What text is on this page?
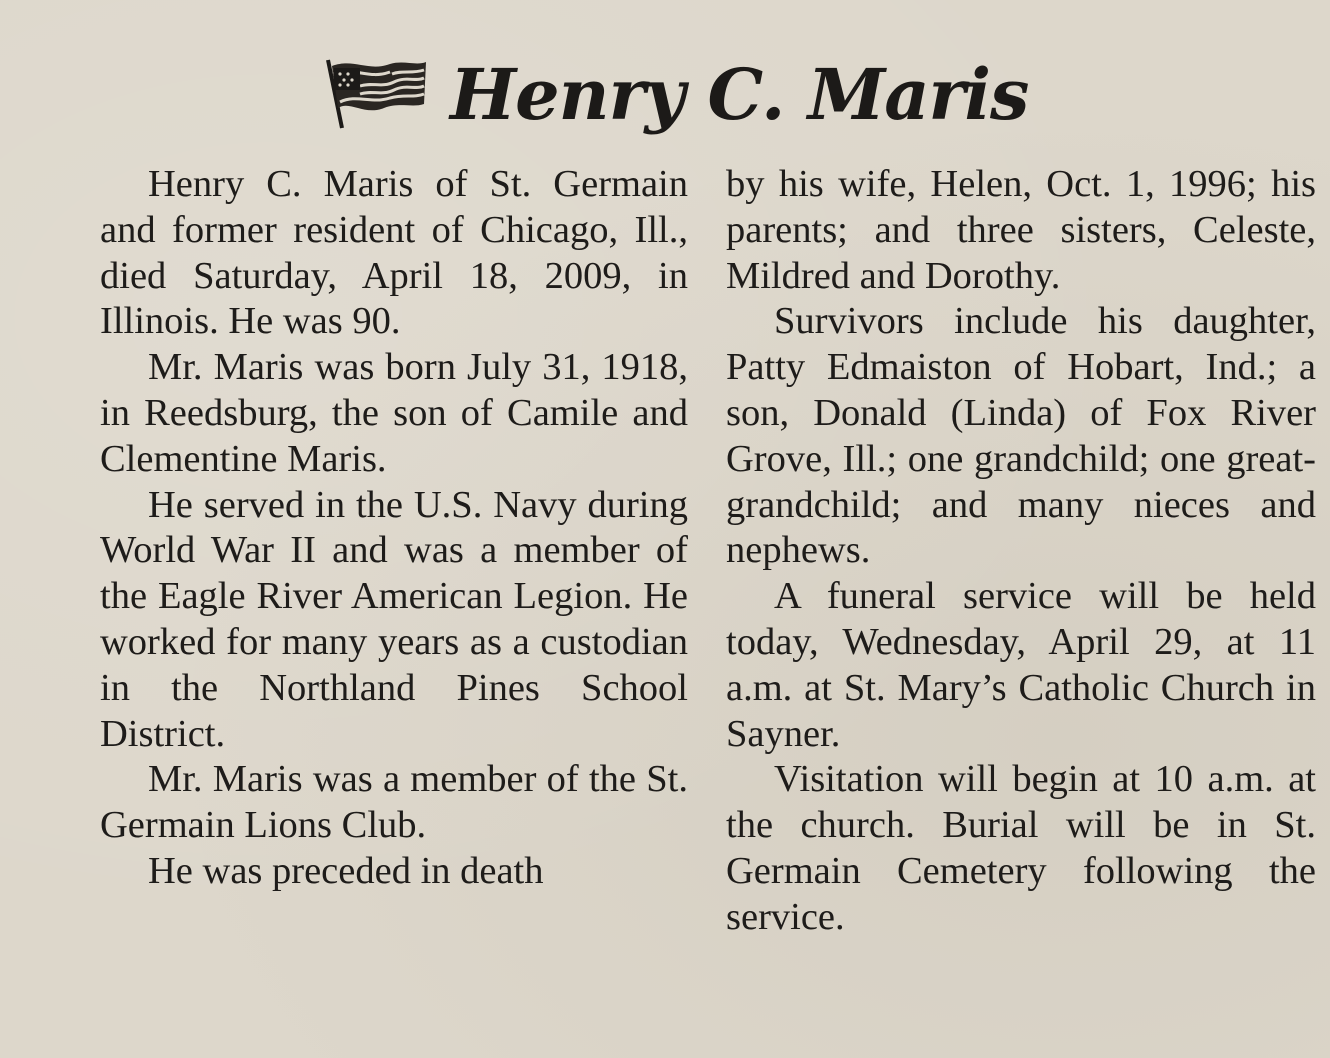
Henry C. Maris

Henry C. Maris of St. Germain and former resident of Chicago, Ill., died Saturday, April 18, 2009, in Illinois. He was 90.

Mr. Maris was born July 31, 1918, in Reedsburg, the son of Camile and Clementine Maris.

He served in the U.S. Navy during World War II and was a member of the Eagle River American Legion. He worked for many years as a custodian in the Northland Pines School District.

Mr. Maris was a member of the St. Germain Lions Club.

He was preceded in death

by his wife, Helen, Oct. 1, 1996; his parents; and three sisters, Celeste, Mildred and Dorothy.

Survivors include his daughter, Patty Edmaiston of Hobart, Ind.; a son, Donald (Linda) of Fox River Grove, Ill.; one grandchild; one greatgrandchild; and many nieces and nephews.

A funeral service will be held today, Wednesday, April 29, at 11 a.m. at St. Mary’s Catholic Church in Sayner.

Visitation will begin at 10 a.m. at the church. Burial will be in St. Germain Cemetery following the service.
